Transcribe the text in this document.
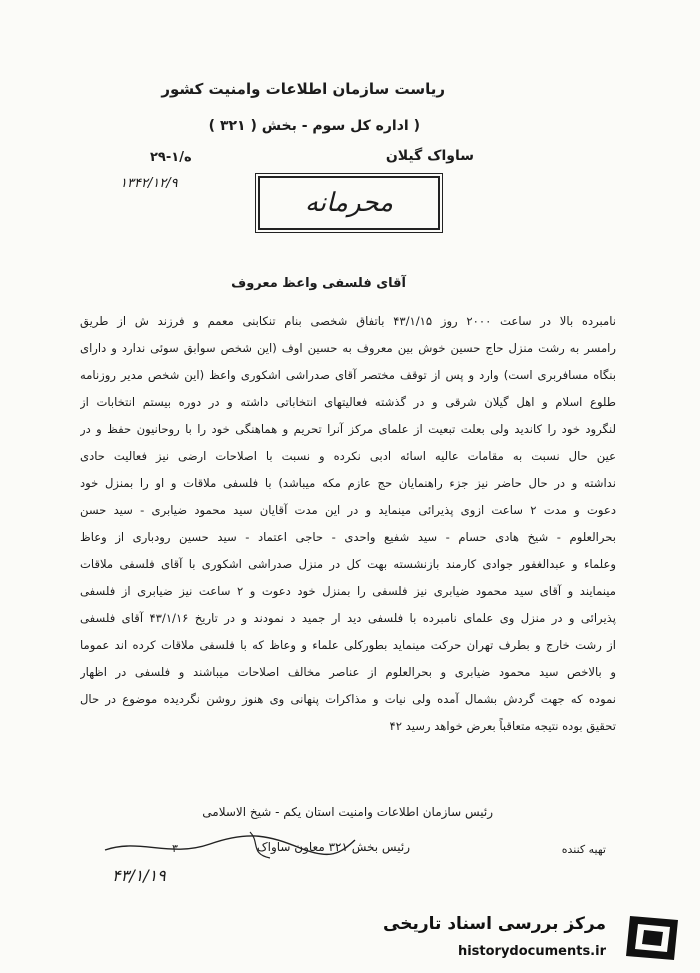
ریاست سازمان اطلاعات وامنیت کشور
( اداره کل سوم - بخش ( ۳۲۱ )
ساواک گیلان
۲۹-۱/ه
۱۳۴۲/۱۲/۹
محرمانه
آقای فلسفی واعظ معروف
نامبرده بالا در ساعت ۲۰۰۰ روز ۴۳/۱/۱۵ باتفاق شخصی بنام تنکابنی معمم و فرزند ش از طریق
رامسر به رشت منزل حاج حسین خوش بین معروف به حسین اوف (این شخص سوابق سوئی ندارد و دارای
بنگاه مسافربری است) وارد و پس از توقف مختصر آقای صدراشی اشکوری واعظ (این شخص مدیر روزنامه
طلوع اسلام و اهل گیلان شرقی و در گذشته فعالیتهای انتخاباتی داشته و در دوره بیستم انتخابات از
لنگرود خود را کاندید ولی بعلت تبعیت از علمای مرکز آنرا تحریم و هماهنگی خود را با روحانیون حفظ و در
عین حال نسبت به مقامات عالیه اسائه ادبی نکرده و نسبت با اصلاحات ارضی نیز فعالیت حادی
نداشته و در حال حاضر نیز جزء راهنمایان حج عازم مکه میباشد) با فلسفی ملاقات و او را بمنزل خود
دعوت و مدت ۲ ساعت ازوی پذیرائی مینماید و در این مدت آقایان سید محمود ضیابری - سید حسن
بحرالعلوم - شیخ هادی حسام - سید شفیع واحدی - حاجی اعتماد - سید حسین رودباری از وعاظ
وعلماء و عبدالغفور جوادی کارمند بازنشسته بهت کل در منزل صدراشی اشکوری با آقای فلسفی ملاقات
مینمایند و آقای سید محمود ضیابری نیز فلسفی را بمنزل خود دعوت و ۲ ساعت نیز ضیابری از فلسفی
پذیرائی و در منزل وی علمای نامبرده با فلسفی دید ار جمید د نمودند و در تاریخ ۴۳/۱/۱۶ آقای فلسفی
از رشت خارج و بطرف تهران حرکت مینماید بطورکلی علماء و وعاظ که با فلسفی ملاقات کرده اند عموما
و بالاخص سید محمود ضیابری و بحرالعلوم از عناصر مخالف اصلاحات میباشند و فلسفی در اظهار
نموده که جهت گردش بشمال آمده ولی نیات و مذاکرات پنهانی وی هنوز روشن نگردیده موضوع در حال
تحقیق بوده نتیجه متعاقباً بعرض خواهد رسید ۴۲
رئیس سازمان اطلاعات وامنیت استان یکم - شیخ الاسلامی
رئیس بخش ۳۲۱ معاون ساواک	تهیه کننده
۳
۴۳/۱/۱۹
مرکز بررسی اسناد تاریخی
historydocuments.ir
